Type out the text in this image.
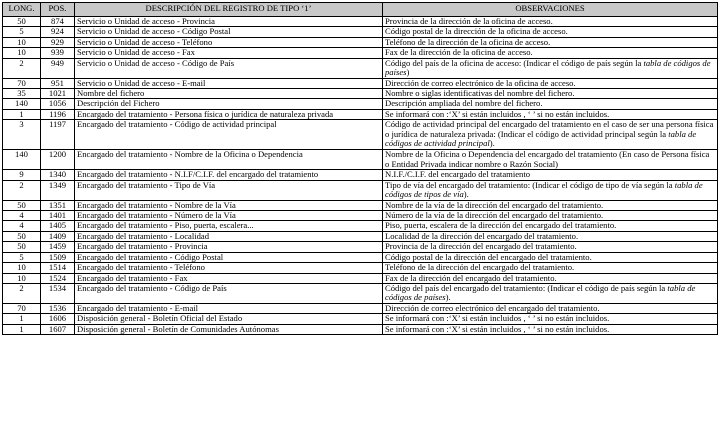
LONG.	POS.	DESCRIPCIÓN DEL REGISTRO DE TIPO ‘1’	OBSERVACIONES
50	874	Servicio o Unidad de acceso - Provincia	Provincia de la dirección de la oficina de acceso.
5	924	Servicio o Unidad de acceso - Código Postal	Código postal de la dirección de la oficina de acceso.
10	929	Servicio o Unidad de acceso - Teléfono	Teléfono de la dirección de la oficina de acceso.
10	939	Servicio o Unidad de acceso - Fax	Fax de la dirección de la oficina de acceso.
2	949	Servicio o Unidad de acceso - Código de País	Código del país de la oficina de acceso: (Indicar el código de país según la tabla de códigos de países)
70	951	Servicio o Unidad de acceso - E-mail	Dirección de correo electrónico de la oficina de acceso.
35	1021	Nombre del fichero	Nombre o siglas identificativas del nombre del fichero.
140	1056	Descripción del Fichero	Descripción ampliada del nombre del fichero.
1	1196	Encargado del tratamiento - Persona física o jurídica de naturaleza privada	Se informará con :‘X’ si están incluidos , ‘ ’ si no están incluidos.
3	1197	Encargado del tratamiento - Código de actividad principal	Código de actividad principal del encargado del tratamiento en el caso de ser una persona física o jurídica de naturaleza privada: (Indicar el código de actividad principal según la tabla de códigos de actividad principal).
140	1200	Encargado del tratamiento - Nombre de la Oficina o Dependencia	Nombre de la Oficina o Dependencia del encargado del tratamiento (En caso de Persona física o Entidad Privada indicar nombre o Razón Social)
9	1340	Encargado del tratamiento - N.I.F/C.I.F. del encargado del tratamiento	N.I.F./C.I.F. del encargado del tratamiento
2	1349	Encargado del tratamiento - Tipo de Vía	Tipo de vía del encargado del tratamiento: (Indicar el código de tipo de vía según la tabla de códigos de tipos de vía).
50	1351	Encargado del tratamiento - Nombre de la Vía	Nombre de la vía de la dirección del encargado del tratamiento.
4	1401	Encargado del tratamiento - Número de la Vía	Número de la vía de la dirección del encargado del tratamiento.
4	1405	Encargado del tratamiento - Piso, puerta, escalera...	Piso, puerta, escalera de la dirección del encargado del tratamiento.
50	1409	Encargado del tratamiento - Localidad	Localidad de la dirección del encargado del tratamiento.
50	1459	Encargado del tratamiento - Provincia	Provincia de la dirección del encargado del tratamiento.
5	1509	Encargado del tratamiento - Código Postal	Código postal de la dirección del encargado del tratamiento.
10	1514	Encargado del tratamiento - Teléfono	Teléfono de la dirección del encargado del tratamiento.
10	1524	Encargado del tratamiento - Fax	Fax de la dirección del encargado del tratamiento.
2	1534	Encargado del tratamiento - Código de País	Código del país del encargado del tratamiento: (Indicar el código de país según la tabla de códigos de países).
70	1536	Encargado del tratamiento - E-mail	Dirección de correo electrónico del encargado del tratamiento.
1	1606	Disposición general - Boletín Oficial del Estado	Se informará con :‘X’ si están incluidos , ‘ ’ si no están incluidos.
1	1607	Disposición general - Boletín de Comunidades Autónomas	Se informará con :‘X’ si están incluidos , ‘ ’ si no están incluidos.
